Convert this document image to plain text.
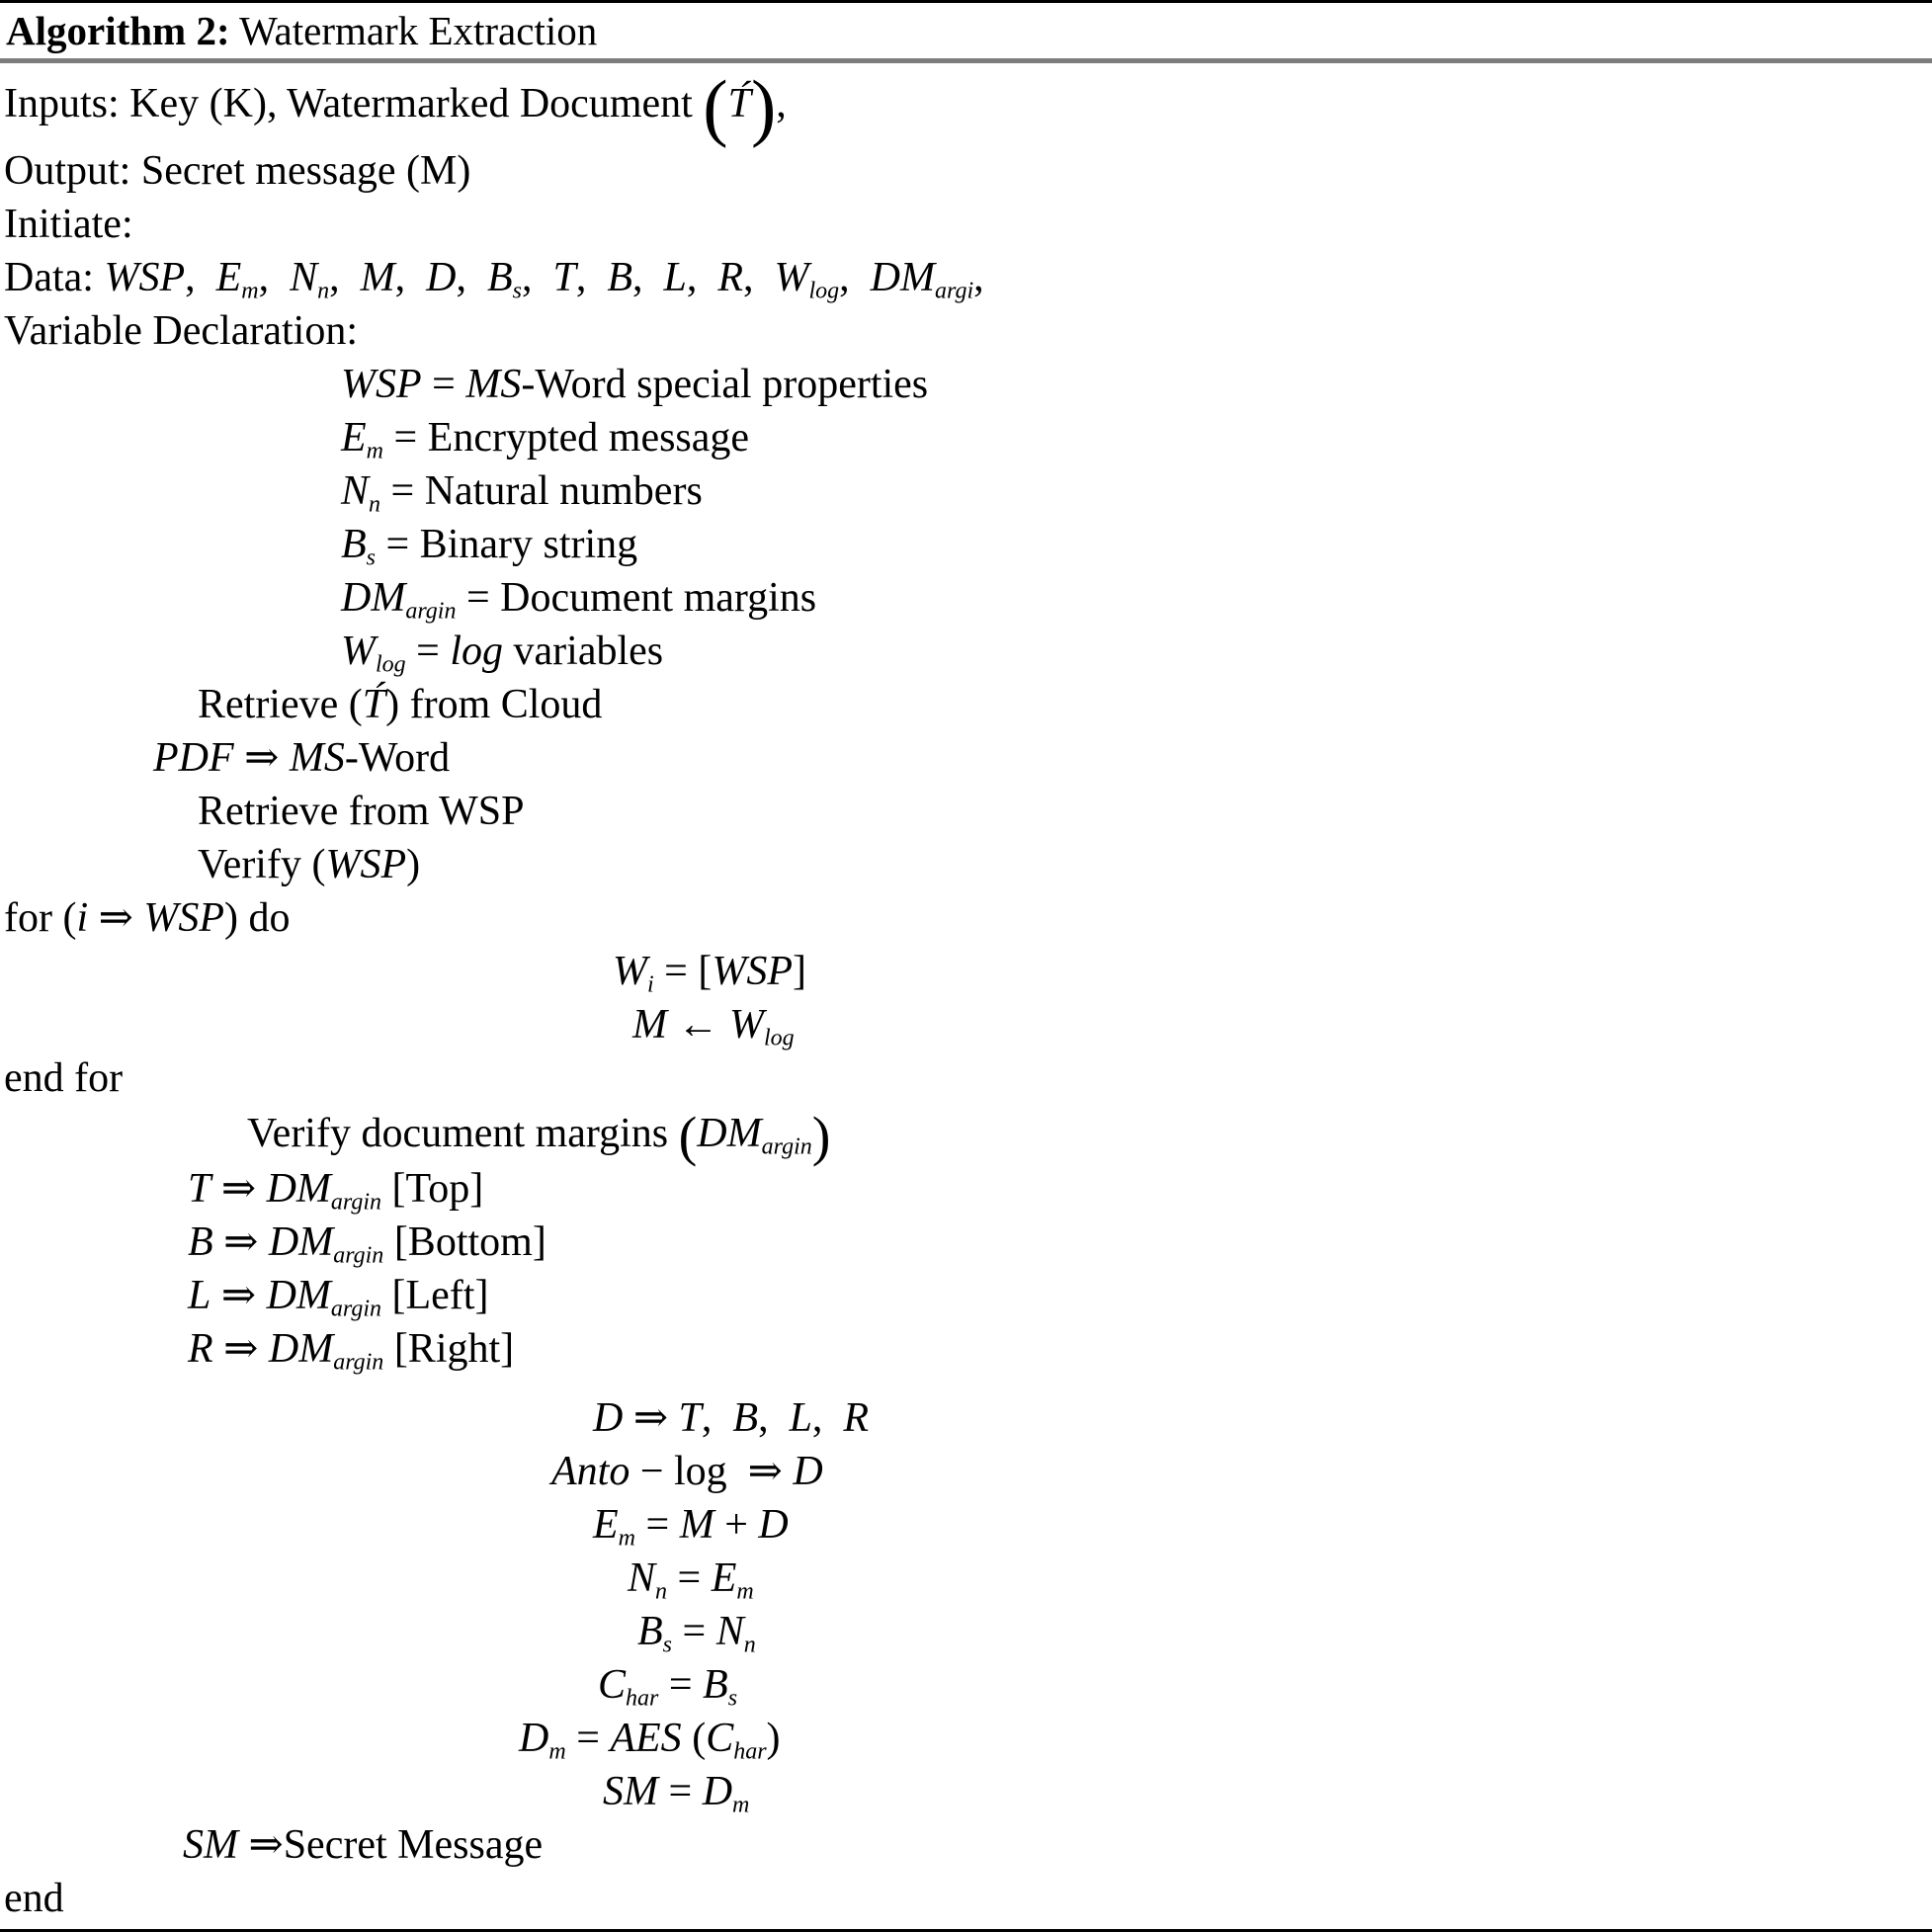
Algorithm 2: Watermark Extraction
Inputs: Key (K), Watermarked Document (T́),
Output: Secret message (M)
Initiate:
Data: WSP,  Em,  Nn,  M,  D,  Bs,  T,  B,  L,  R,  Wlog,  DMargi,
Variable Declaration:
WSP = MS-Word special properties
Em = Encrypted message
Nn = Natural numbers
Bs = Binary string
DMargin = Document margins
Wlog = log variables
Retrieve (T́) from Cloud
PDF ⇒ MS-Word
Retrieve from WSP
Verify (WSP)
for (i ⇒ WSP) do
Wi = [WSP]
M ← Wlog
end for
Verify document margins (DMargin)
T ⇒ DMargin [Top]
B ⇒ DMargin [Bottom]
L ⇒ DMargin [Left]
R ⇒ DMargin [Right]
D ⇒ T,  B,  L,  R
Anto − log  ⇒ D
Em = M + D
Nn = Em
Bs = Nn
Char = Bs
Dm = AES (Char)
SM = Dm
SM ⇒Secret Message
end
